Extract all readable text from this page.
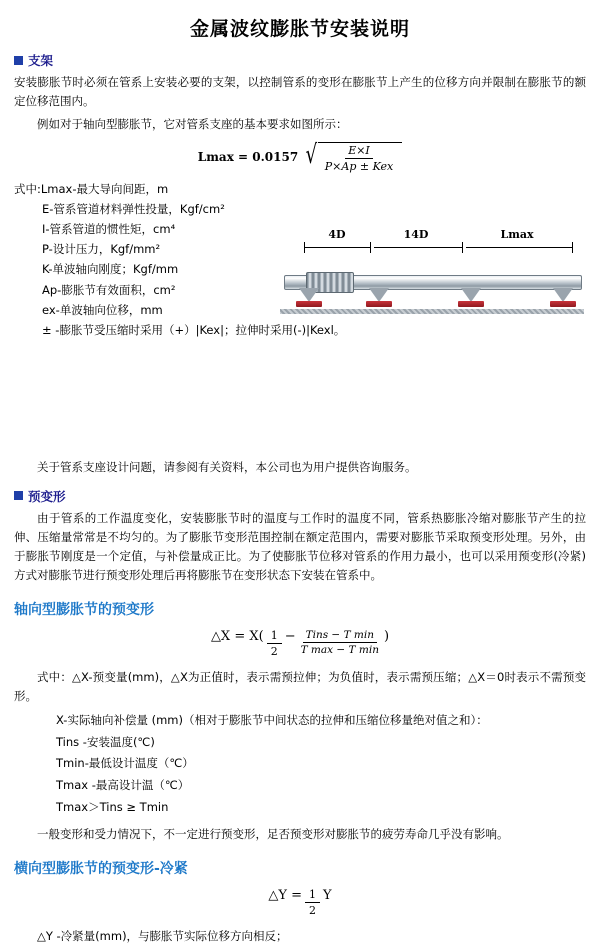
金属波纹膨胀节安装说明
支架

安装膨胀节时必须在管系上安装必要的支架，以控制管系的变形在膨胀节上产生的位移方向并限制在膨胀节的额定位移范围内。

例如对于轴向型膨胀节，它对管系支座的基本要求如图所示：

Lmax = 0.0157 √ $\frac{E\times I}{\text{P×Ap ± Kex}}$
式中:Lmax-最大导向间距，m
E-管系管道材料弹性投量，Kgf/cm²
I-管系管道的惯性矩，cm⁴
P-设计压力，Kgf/mm²
K-单波轴向刚度；Kgf/mm
Ap-膨胀节有效面积，cm²
ex-单波轴向位移，mm
± -膨胀节受压缩时采用（+）|Kex|；拉伸时采用(-)|Kexl。
4D	14D	Lmax

关于管系支座设计问题，请参阅有关资料，本公司也为用户提供咨询服务。

预变形

由于管系的工作温度变化，安装膨胀节时的温度与工作时的温度不同，管系热膨胀冷缩对膨胀节产生的拉伸、压缩量常常是不均匀的。为了膨胀节变形范围控制在额定范围内，需要对膨胀节采取预变形处理。另外，由于膨胀节刚度是一个定值，与补偿量成正比。为了使膨胀节位移对管系的作用力最小，也可以采用预变形(冷紧)方式对膨胀节进行预变形处理后再将膨胀节在变形状态下安装在管系中。

轴向型膨胀节的预变形
△X = $X( \frac{1}{2} - \frac{\text{Tins − T min}}{\text{T max − T min}}$ )

式中：△X-预变量(mm)，△X为正值时，表示需预拉伸；为负值时，表示需预压缩；△X＝0时表示不需预变形。

X-实际轴向补偿量 (mm)（相对于膨胀节中间状态的拉伸和压缩位移量绝对值之和）：
Tins -安装温度(℃)
Tmin-最低设计温度（℃）
Tmax -最高设计温（℃）
Tmax＞Tins ≥ Tmin

一般变形和受力情况下，不一定进行预变形，足否预变形对膨胀节的疲劳寿命几乎没有影响。

横向型膨胀节的预变形-冷紧
△Y = $\frac{1}{2}$ Y

△Y -冷紧量(mm)，与膨胀节实际位移方向相反；
